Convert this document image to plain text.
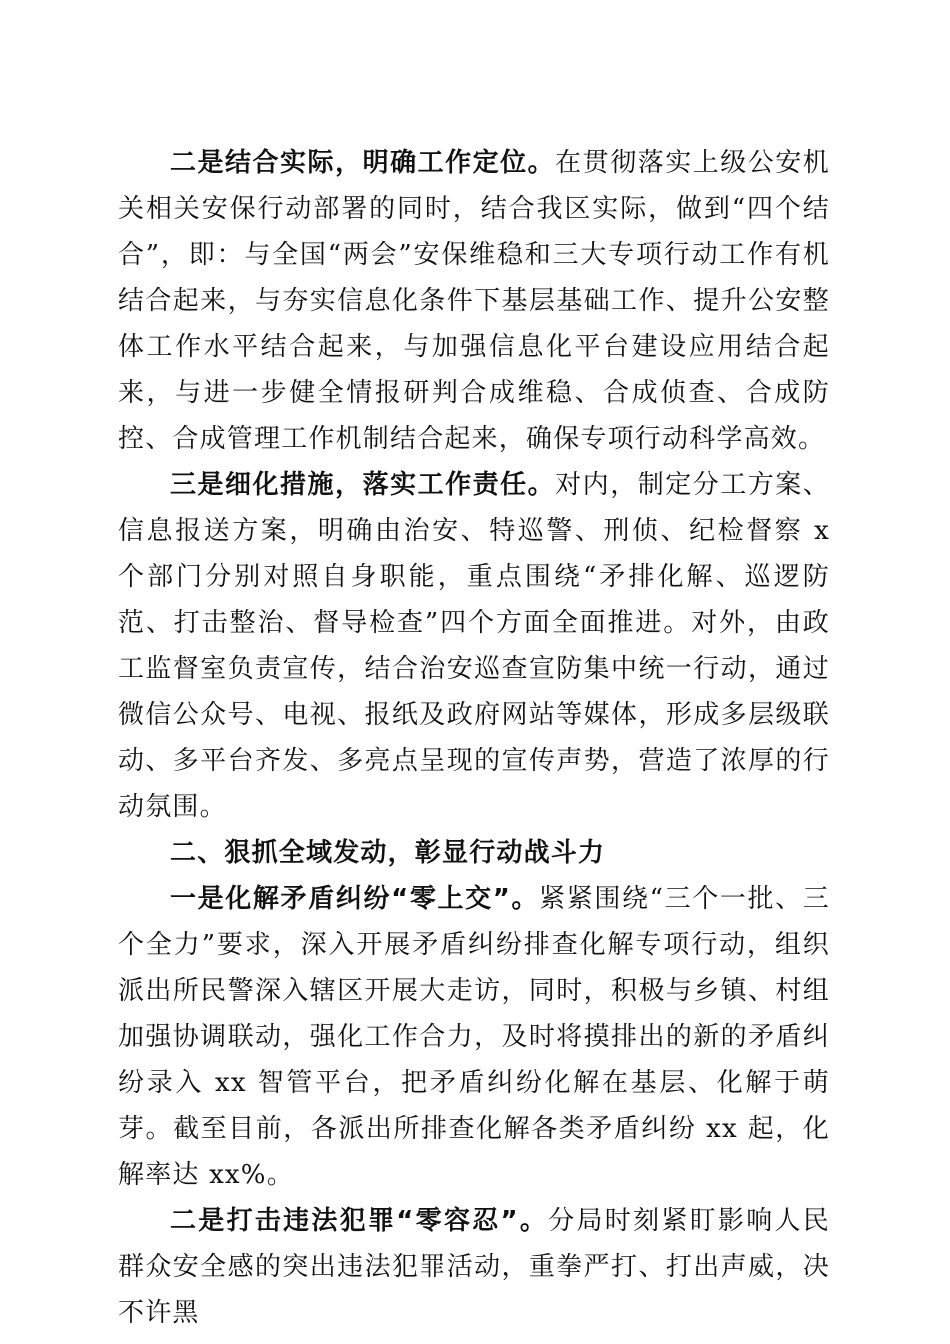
二是结合实际，明确工作定位。在贯彻落实上级公安机关相关安保行动部署的同时，结合我区实际，做到“四个结合”，即：与全国“两会”安保维稳和三大专项行动工作有机结合起来，与夯实信息化条件下基层基础工作、提升公安整体工作水平结合起来，与加强信息化平台建设应用结合起来，与进一步健全情报研判合成维稳、合成侦查、合成防控、合成管理工作机制结合起来，确保专项行动科学高效。

三是细化措施，落实工作责任。对内，制定分工方案、信息报送方案，明确由治安、特巡警、刑侦、纪检督察 x 个部门分别对照自身职能，重点围绕“矛排化解、巡逻防范、打击整治、督导检查”四个方面全面推进。对外，由政工监督室负责宣传，结合治安巡查宣防集中统一行动，通过微信公众号、电视、报纸及政府网站等媒体，形成多层级联动、多平台齐发、多亮点呈现的宣传声势，营造了浓厚的行动氛围。

二、狠抓全域发动，彰显行动战斗力

一是化解矛盾纠纷“零上交”。紧紧围绕“三个一批、三个全力”要求，深入开展矛盾纠纷排查化解专项行动，组织派出所民警深入辖区开展大走访，同时，积极与乡镇、村组加强协调联动，强化工作合力，及时将摸排出的新的矛盾纠纷录入 xx 智管平台，把矛盾纠纷化解在基层、化解于萌芽。截至目前，各派出所排查化解各类矛盾纠纷 xx 起，化解率达 xx%。

二是打击违法犯罪“零容忍”。分局时刻紧盯影响人民群众安全感的突出违法犯罪活动，重拳严打、打出声威，决不许黑
